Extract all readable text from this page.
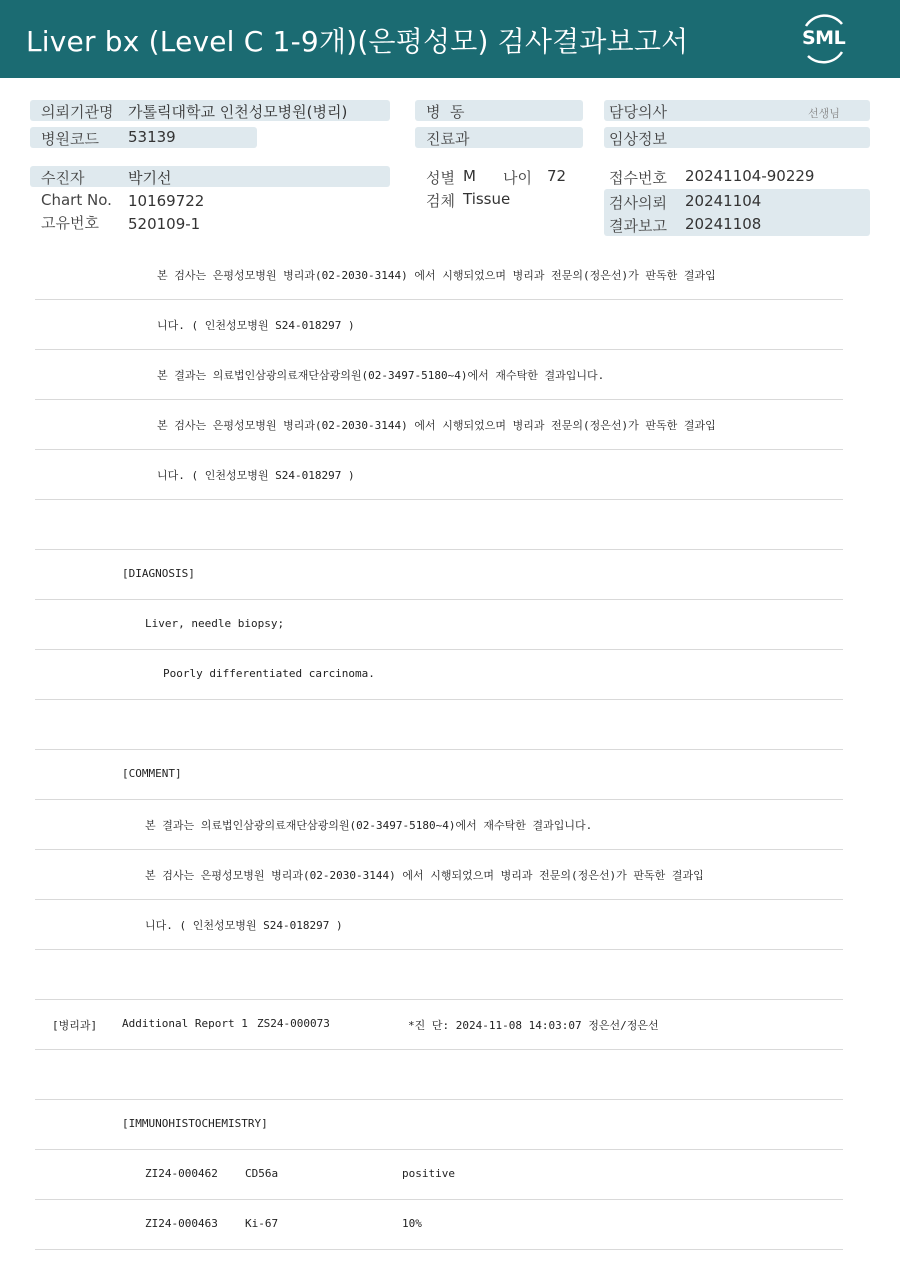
Liver bx (Level C 1-9개)(은평성모) 검사결과보고서	SML
의뢰기관명 가톨릭대학교 인천성모병원(병리)
병원코드 53139
병  동
진료과
담당의사	선생님
임상정보
수진자	박기선
Chart No. 10169722
고유번호 520109-1
성별 M 나이 72
검체 Tissue
접수번호 20241104-90229
검사의뢰 20241104
결과보고 20241108
본 검사는 은평성모병원 병리과(02-2030-3144) 에서 시행되었으며 병리과 전문의(정은선)가 판독한 결과입
니다. ( 인천성모병원 S24-018297 )
본 결과는 의료법인삼광의료재단삼광의원(02-3497-5180~4)에서 재수탁한 결과입니다.
본 검사는 은평성모병원 병리과(02-2030-3144) 에서 시행되었으며 병리과 전문의(정은선)가 판독한 결과입
니다. ( 인천성모병원 S24-018297 )
[DIAGNOSIS]
Liver, needle biopsy;
Poorly differentiated carcinoma.
[COMMENT]
본 결과는 의료법인삼광의료재단삼광의원(02-3497-5180~4)에서 재수탁한 결과입니다.
본 검사는 은평성모병원 병리과(02-2030-3144) 에서 시행되었으며 병리과 전문의(정은선)가 판독한 결과입
니다. ( 인천성모병원 S24-018297 )
[병리과] Additional Report 1 ZS24-000073	*진 단: 2024-11-08 14:03:07 정은선/정은선
[IMMUNOHISTOCHEMISTRY]
ZI24-000462 CD56a	positive
ZI24-000463 Ki-67	10%
